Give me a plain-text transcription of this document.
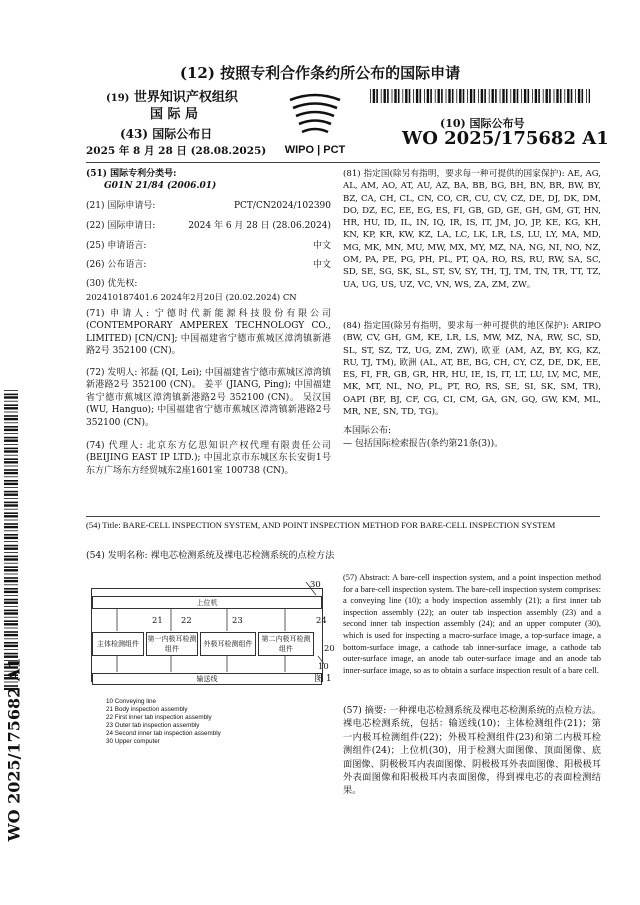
(12) 按照专利合作条约所公布的国际申请
(19) 世界知识产权组织
国 际 局
(43) 国际公布日
2025 年 8 月 28 日 (28.08.2025) WIPO | PCT
(10) 国际公布号
WO 2025/175682 A1
(51) 国际专利分类号:
G01N 21/84 (2006.01)
(21) 国际申请号:	PCT/CN2024/102390
(22) 国际申请日:	2024 年 6 月 28 日 (28.06.2024)
(25) 申请语言:	中文
(26) 公布语言:	中文
(30) 优先权:
202410187401.6 2024年2月20日 (20.02.2024) CN
(71) 申请人: 宁德时代新能源科技股份有限公司 (CONTEMPORARY AMPEREX TECHNOLOGY CO., LIMITED) [CN/CN]; 中国福建省宁德市蕉城区漳湾镇新港路2号 352100 (CN)。
(72) 发明人: 祁磊 (QI, Lei); 中国福建省宁德市蕉城区漳湾镇新港路2号 352100 (CN)。 姜平 (JIANG, Ping); 中国福建省宁德市蕉城区漳湾镇新港路2号 352100 (CN)。 吴汉国(WU, Hanguo); 中国福建省宁德市蕉城区漳湾镇新港路2号 352100 (CN)。
(74) 代理人: 北京东方亿思知识产权代理有限责任公司 (BEIJING EAST IP LTD.); 中国北京市东城区东长安街1号东方广场东方经贸城东2座1601室 100738 (CN)。
(81) 指定国(除另有指明，要求每一种可提供的国家保护): AE, AG, AL, AM, AO, AT, AU, AZ, BA, BB, BG, BH, BN, BR, BW, BY, BZ, CA, CH, CL, CN, CO, CR, CU, CV, CZ, DE, DJ, DK, DM, DO, DZ, EC, EE, EG, ES, FI, GB, GD, GE, GH, GM, GT, HN, HR, HU, ID, IL, IN, IQ, IR, IS, IT, JM, JO, JP, KE, KG, KH, KN, KP, KR, KW, KZ, LA, LC, LK, LR, LS, LU, LY, MA, MD, MG, MK, MN, MU, MW, MX, MY, MZ, NA, NG, NI, NO, NZ, OM, PA, PE, PG, PH, PL, PT, QA, RO, RS, RU, RW, SA, SC, SD, SE, SG, SK, SL, ST, SV, SY, TH, TJ, TM, TN, TR, TT, TZ, UA, UG, US, UZ, VC, VN, WS, ZA, ZM, ZW。
(84) 指定国(除另有指明，要求每一种可提供的地区保护): ARIPO (BW, CV, GH, GM, KE, LR, LS, MW, MZ, NA, RW, SC, SD, SL, ST, SZ, TZ, UG, ZM, ZW), 欧亚 (AM, AZ, BY, KG, KZ, RU, TJ, TM), 欧洲 (AL, AT, BE, BG, CH, CY, CZ, DE, DK, EE, ES, FI, FR, GB, GR, HR, HU, IE, IS, IT, LT, LU, LV, MC, ME, MK, MT, NL, NO, PL, PT, RO, RS, SE, SI, SK, SM, TR), OAPI (BF, BJ, CF, CG, CI, CM, GA, GN, GQ, GW, KM, ML, MR, NE, SN, TD, TG)。
本国际公布:
— 包括国际检索报告(条约第21条(3))。
(54) Title: BARE-CELL INSPECTION SYSTEM, AND POINT INSPECTION METHOD FOR BARE-CELL INSPECTION SYSTEM
(54) 发明名称: 裸电芯检测系统及裸电芯检测系统的点检方法
上位机
主体检测组件
第一内极耳检测组件
外极耳检测组件
第二内极耳检测组件
输送线
30
21 22	23	24
20
10
图 1
10 Conveying line
21 Body inspection assembly
22 First inner tab inspection assembly
23 Outer tab inspection assembly
24 Second inner tab inspection assembly
30 Upper computer
(57) Abstract: A bare-cell inspection system, and a point inspection method for a bare-cell inspection system. The bare-cell inspection system comprises: a conveying line (10); a body inspection assembly (21); a first inner tab inspection assembly (22); an outer tab inspection assembly (23) and a second inner tab inspection assembly (24); and an upper computer (30), which is used for inspecting a macro-surface image, a top-surface image, a bottom-surface image, a cathode tab inner-surface image, a cathode tab outer-surface image, an anode tab outer-surface image and an anode tab inner-surface image, so as to obtain a surface inspection result of a bare cell.
(57) 摘要: 一种裸电芯检测系统及裸电芯检测系统的点检方法。裸电芯检测系统，包括：输送线(10)；主体检测组件(21)；第一内极耳检测组件(22)；外极耳检测组件(23)和第二内极耳检测组件(24)；上位机(30)，用于检测大面图像、顶面图像、底面图像、阴极极耳内表面图像、阴极极耳外表面图像、阳极极耳外表面图像和阳极极耳内表面图像，得到裸电芯的表面检测结果。
WO 2025/175682 A1
